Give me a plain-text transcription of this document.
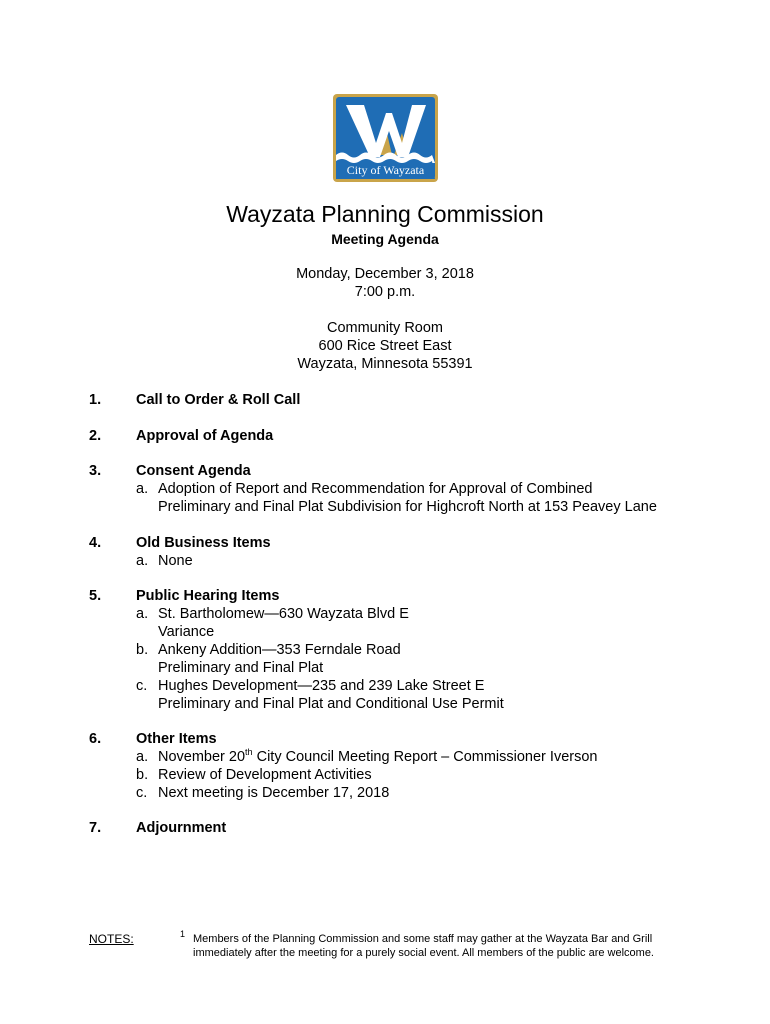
City of Wayzata
Wayzata Planning Commission
Meeting Agenda
Monday, December 3, 2018
7:00 p.m.
Community Room
600 Rice Street East
Wayzata, Minnesota 55391
1. Call to Order & Roll Call
2. Approval of Agenda
3. Consent Agenda
a. Adoption of Report and Recommendation for Approval of Combined
Preliminary and Final Plat Subdivision for Highcroft North at 153 Peavey Lane
4. Old Business Items
a. None
5. Public Hearing Items
a. St. Bartholomew—630 Wayzata Blvd E
Variance
b. Ankeny Addition—353 Ferndale Road
Preliminary and Final Plat
c. Hughes Development—235 and 239 Lake Street E
Preliminary and Final Plat and Conditional Use Permit
6. Other Items
a. November 20th City Council Meeting Report – Commissioner Iverson
b. Review of Development Activities
c. Next meeting is December 17, 2018
7. Adjournment
NOTES:	1 Members of the Planning Commission and some staff may gather at the Wayzata Bar and Grill
immediately after the meeting for a purely social event. All members of the public are welcome.
